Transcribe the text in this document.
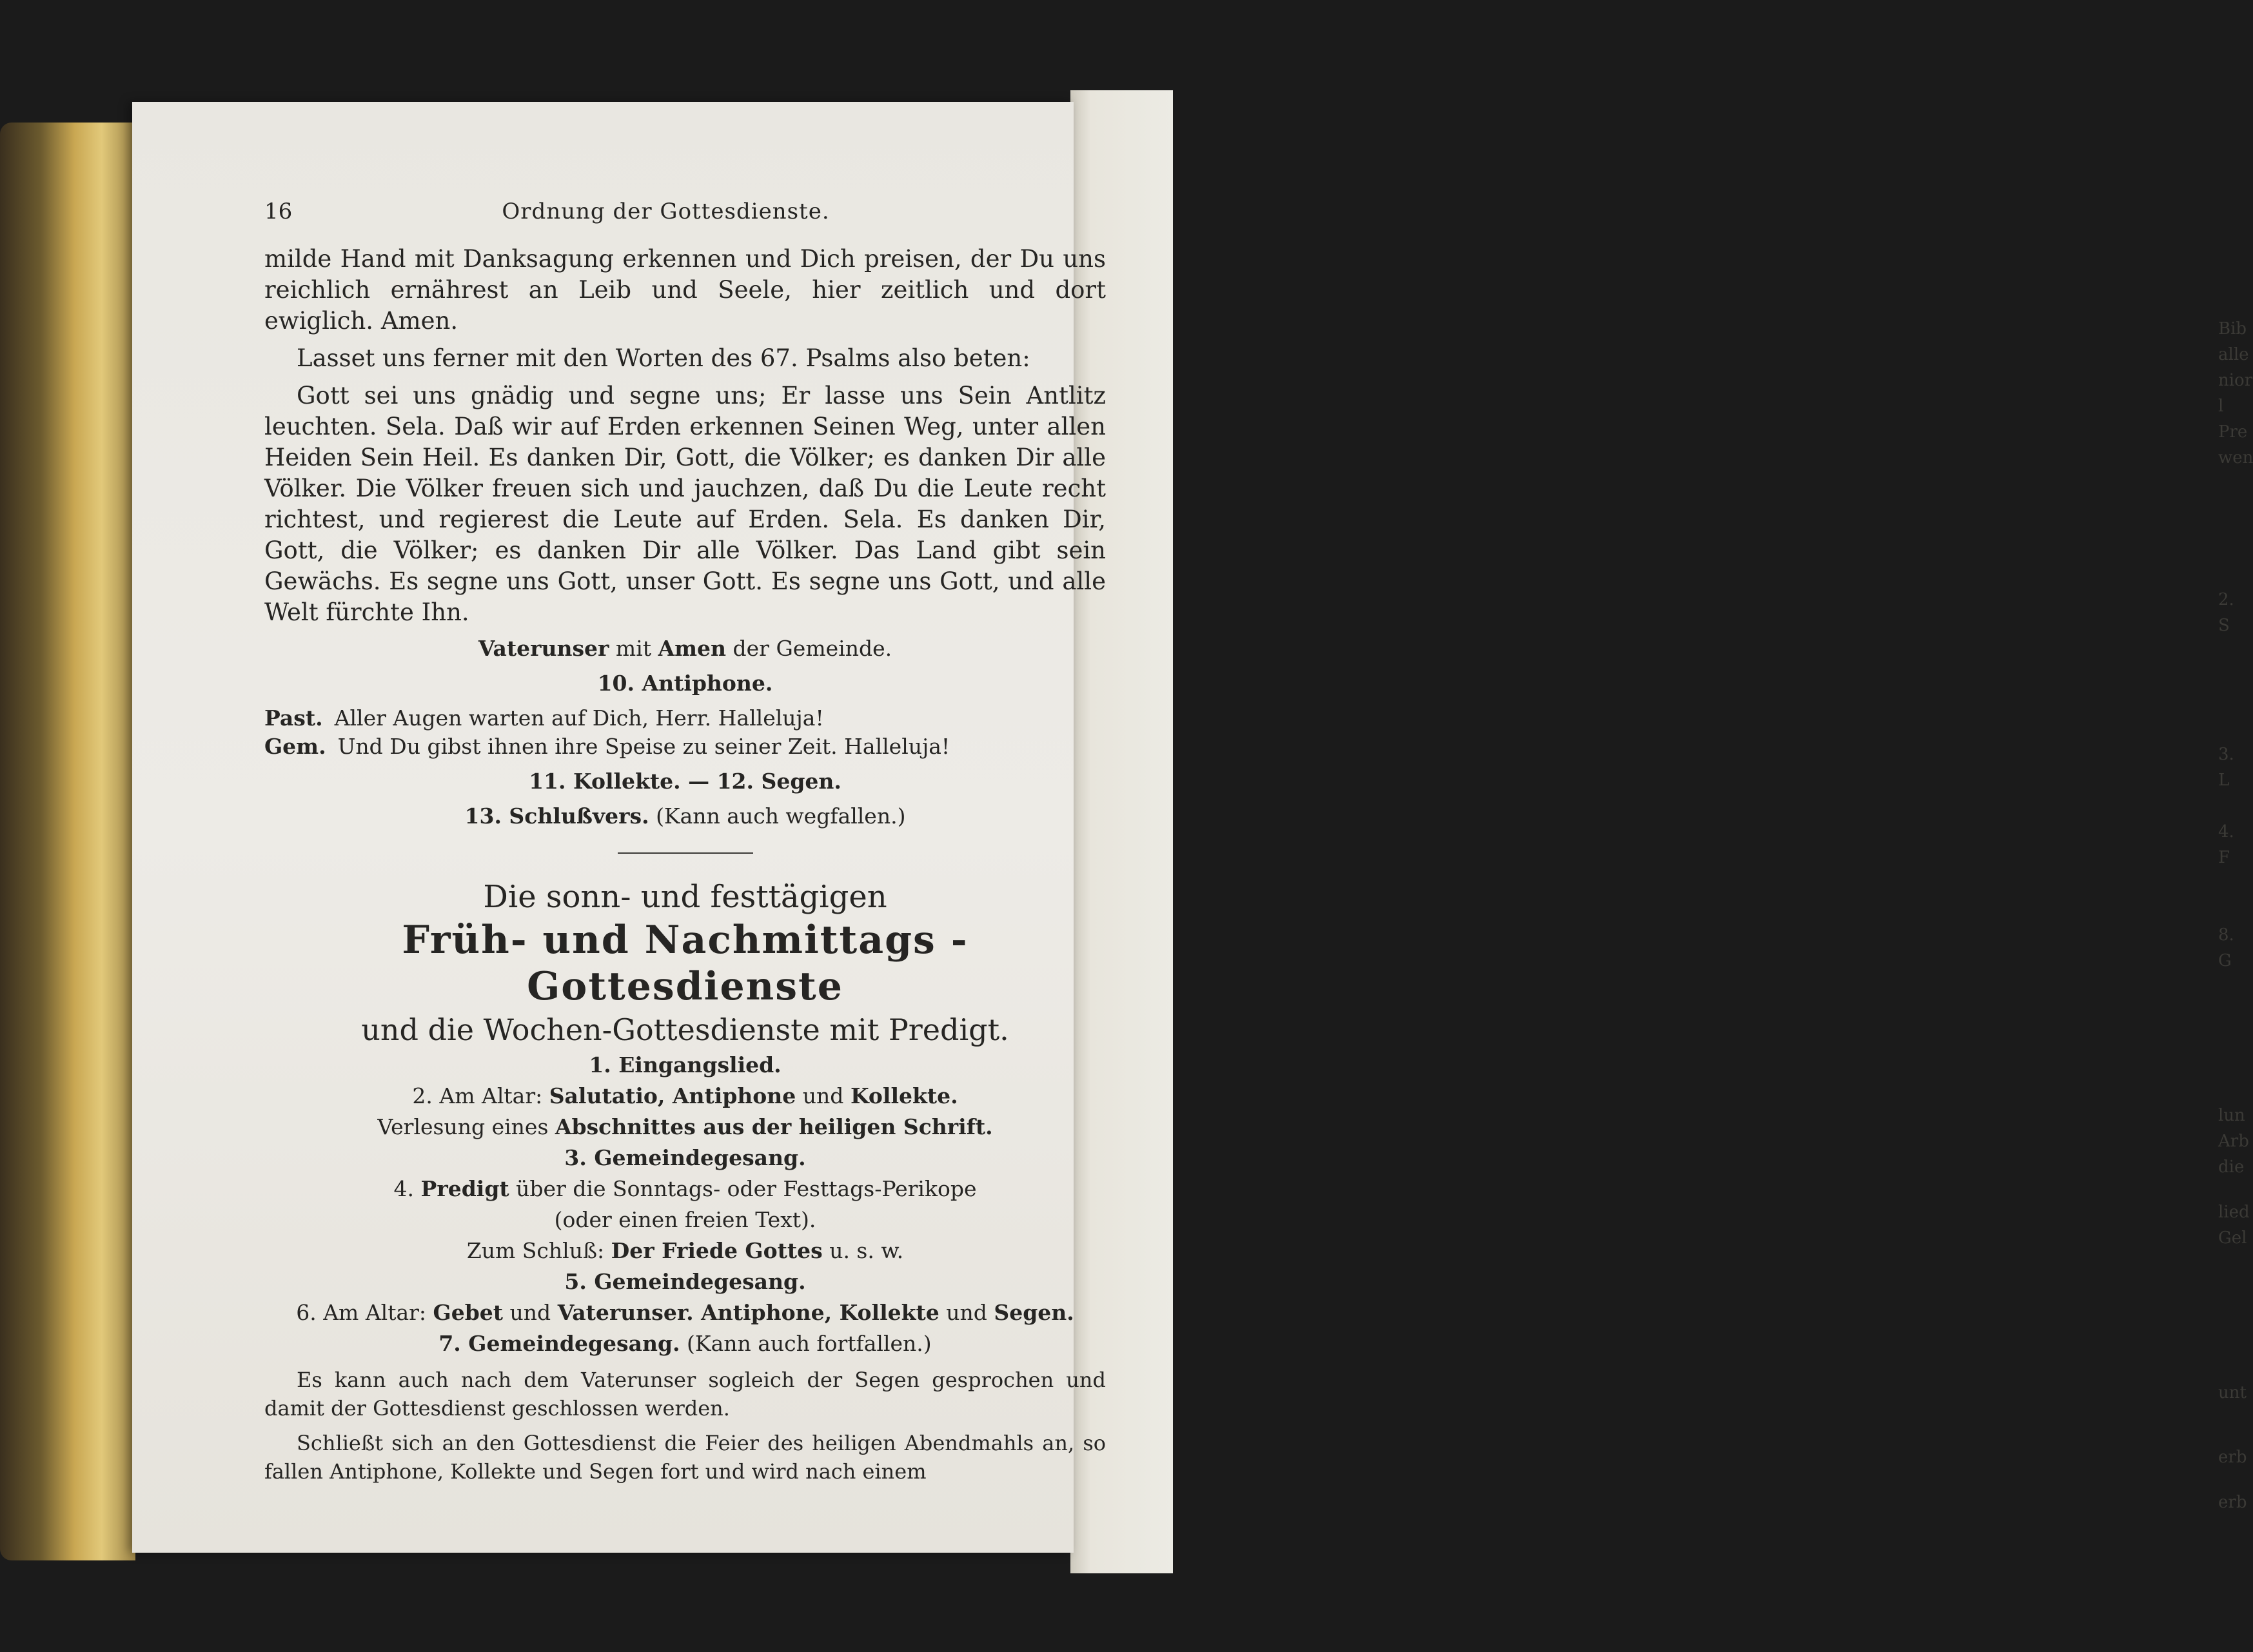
Bib
alle
nior
l
Pre
wen
2. S
3. L
4. F
8. G
lun
Arb
die
lied
Gel
unt
erb
erb
16	Ordnung der Gottesdienste.

milde Hand mit Danksagung erkennen und Dich preisen, der Du uns reichlich ernährest an Leib und Seele, hier zeitlich und dort ewiglich. Amen.

Lasset uns ferner mit den Worten des 67. Psalms also beten:

Gott sei uns gnädig und segne uns; Er lasse uns Sein Antlitz leuchten. Sela. Daß wir auf Erden erkennen Seinen Weg, unter allen Heiden Sein Heil. Es danken Dir, Gott, die Völker; es danken Dir alle Völker. Die Völker freuen sich und jauchzen, daß Du die Leute recht richtest, und regierest die Leute auf Erden. Sela. Es danken Dir, Gott, die Völker; es danken Dir alle Völker. Das Land gibt sein Gewächs. Es segne uns Gott, unser Gott. Es segne uns Gott, und alle Welt fürchte Ihn.

Vaterunser mit Amen der Gemeinde.

10. Antiphone.

Past. Aller Augen warten auf Dich, Herr. Halleluja!

Gem. Und Du gibst ihnen ihre Speise zu seiner Zeit. Halleluja!

11. Kollekte. — 12. Segen.

13. Schlußvers. (Kann auch wegfallen.)

Die sonn- und festtägigen

Früh- und Nachmittags - Gottesdienste

und die Wochen-Gottesdienste mit Predigt.

1. Eingangslied.

2. Am Altar: Salutatio, Antiphone und Kollekte.

Verlesung eines Abschnittes aus der heiligen Schrift.

3. Gemeindegesang.

4. Predigt über die Sonntags- oder Festtags-Perikope

(oder einen freien Text).

Zum Schluß: Der Friede Gottes u. s. w.

5. Gemeindegesang.

6. Am Altar: Gebet und Vaterunser. Antiphone, Kollekte und Segen.

7. Gemeindegesang. (Kann auch fortfallen.)

Es kann auch nach dem Vaterunser sogleich der Segen gesprochen und damit der Gottesdienst geschlossen werden.

Schließt sich an den Gottesdienst die Feier des heiligen Abendmahls an, so fallen Antiphone, Kollekte und Segen fort und wird nach einem
